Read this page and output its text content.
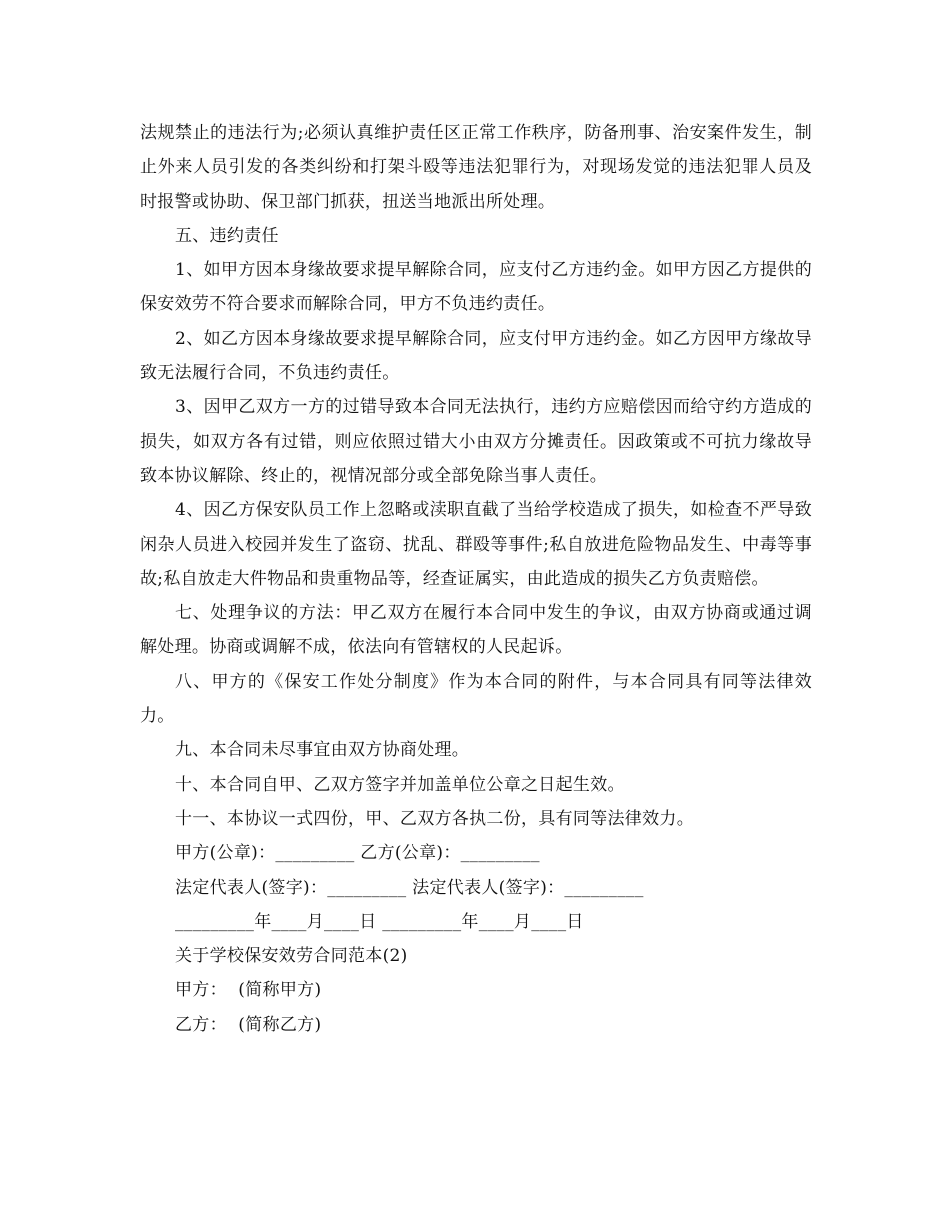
法规禁止的违法行为;必须认真维护责任区正常工作秩序，防备刑事、治安案件发生，制止外来人员引发的各类纠纷和打架斗殴等违法犯罪行为，对现场发觉的违法犯罪人员及时报警或协助、保卫部门抓获，扭送当地派出所处理。

五、违约责任

1、如甲方因本身缘故要求提早解除合同，应支付乙方违约金。如甲方因乙方提供的保安效劳不符合要求而解除合同，甲方不负违约责任。

2、如乙方因本身缘故要求提早解除合同，应支付甲方违约金。如乙方因甲方缘故导致无法履行合同，不负违约责任。

3、因甲乙双方一方的过错导致本合同无法执行，违约方应赔偿因而给守约方造成的损失，如双方各有过错，则应依照过错大小由双方分摊责任。因政策或不可抗力缘故导致本协议解除、终止的，视情况部分或全部免除当事人责任。

4、因乙方保安队员工作上忽略或渎职直截了当给学校造成了损失，如检查不严导致闲杂人员进入校园并发生了盗窃、扰乱、群殴等事件;私自放进危险物品发生、中毒等事故;私自放走大件物品和贵重物品等，经查证属实，由此造成的损失乙方负责赔偿。

七、处理争议的方法：甲乙双方在履行本合同中发生的争议，由双方协商或通过调解处理。协商或调解不成，依法向有管辖权的人民起诉。

八、甲方的《保安工作处分制度》作为本合同的附件，与本合同具有同等法律效力。

九、本合同未尽事宜由双方协商处理。

十、本合同自甲、乙双方签字并加盖单位公章之日起生效。

十一、本协议一式四份，甲、乙双方各执二份，具有同等法律效力。

甲方(公章)：_________ 乙方(公章)：_________

法定代表人(签字)：_________ 法定代表人(签字)：_________

_________年____月____日 _________年____月____日

关于学校保安效劳合同范本(2)

甲方：  (简称甲方)

乙方：  (简称乙方)
